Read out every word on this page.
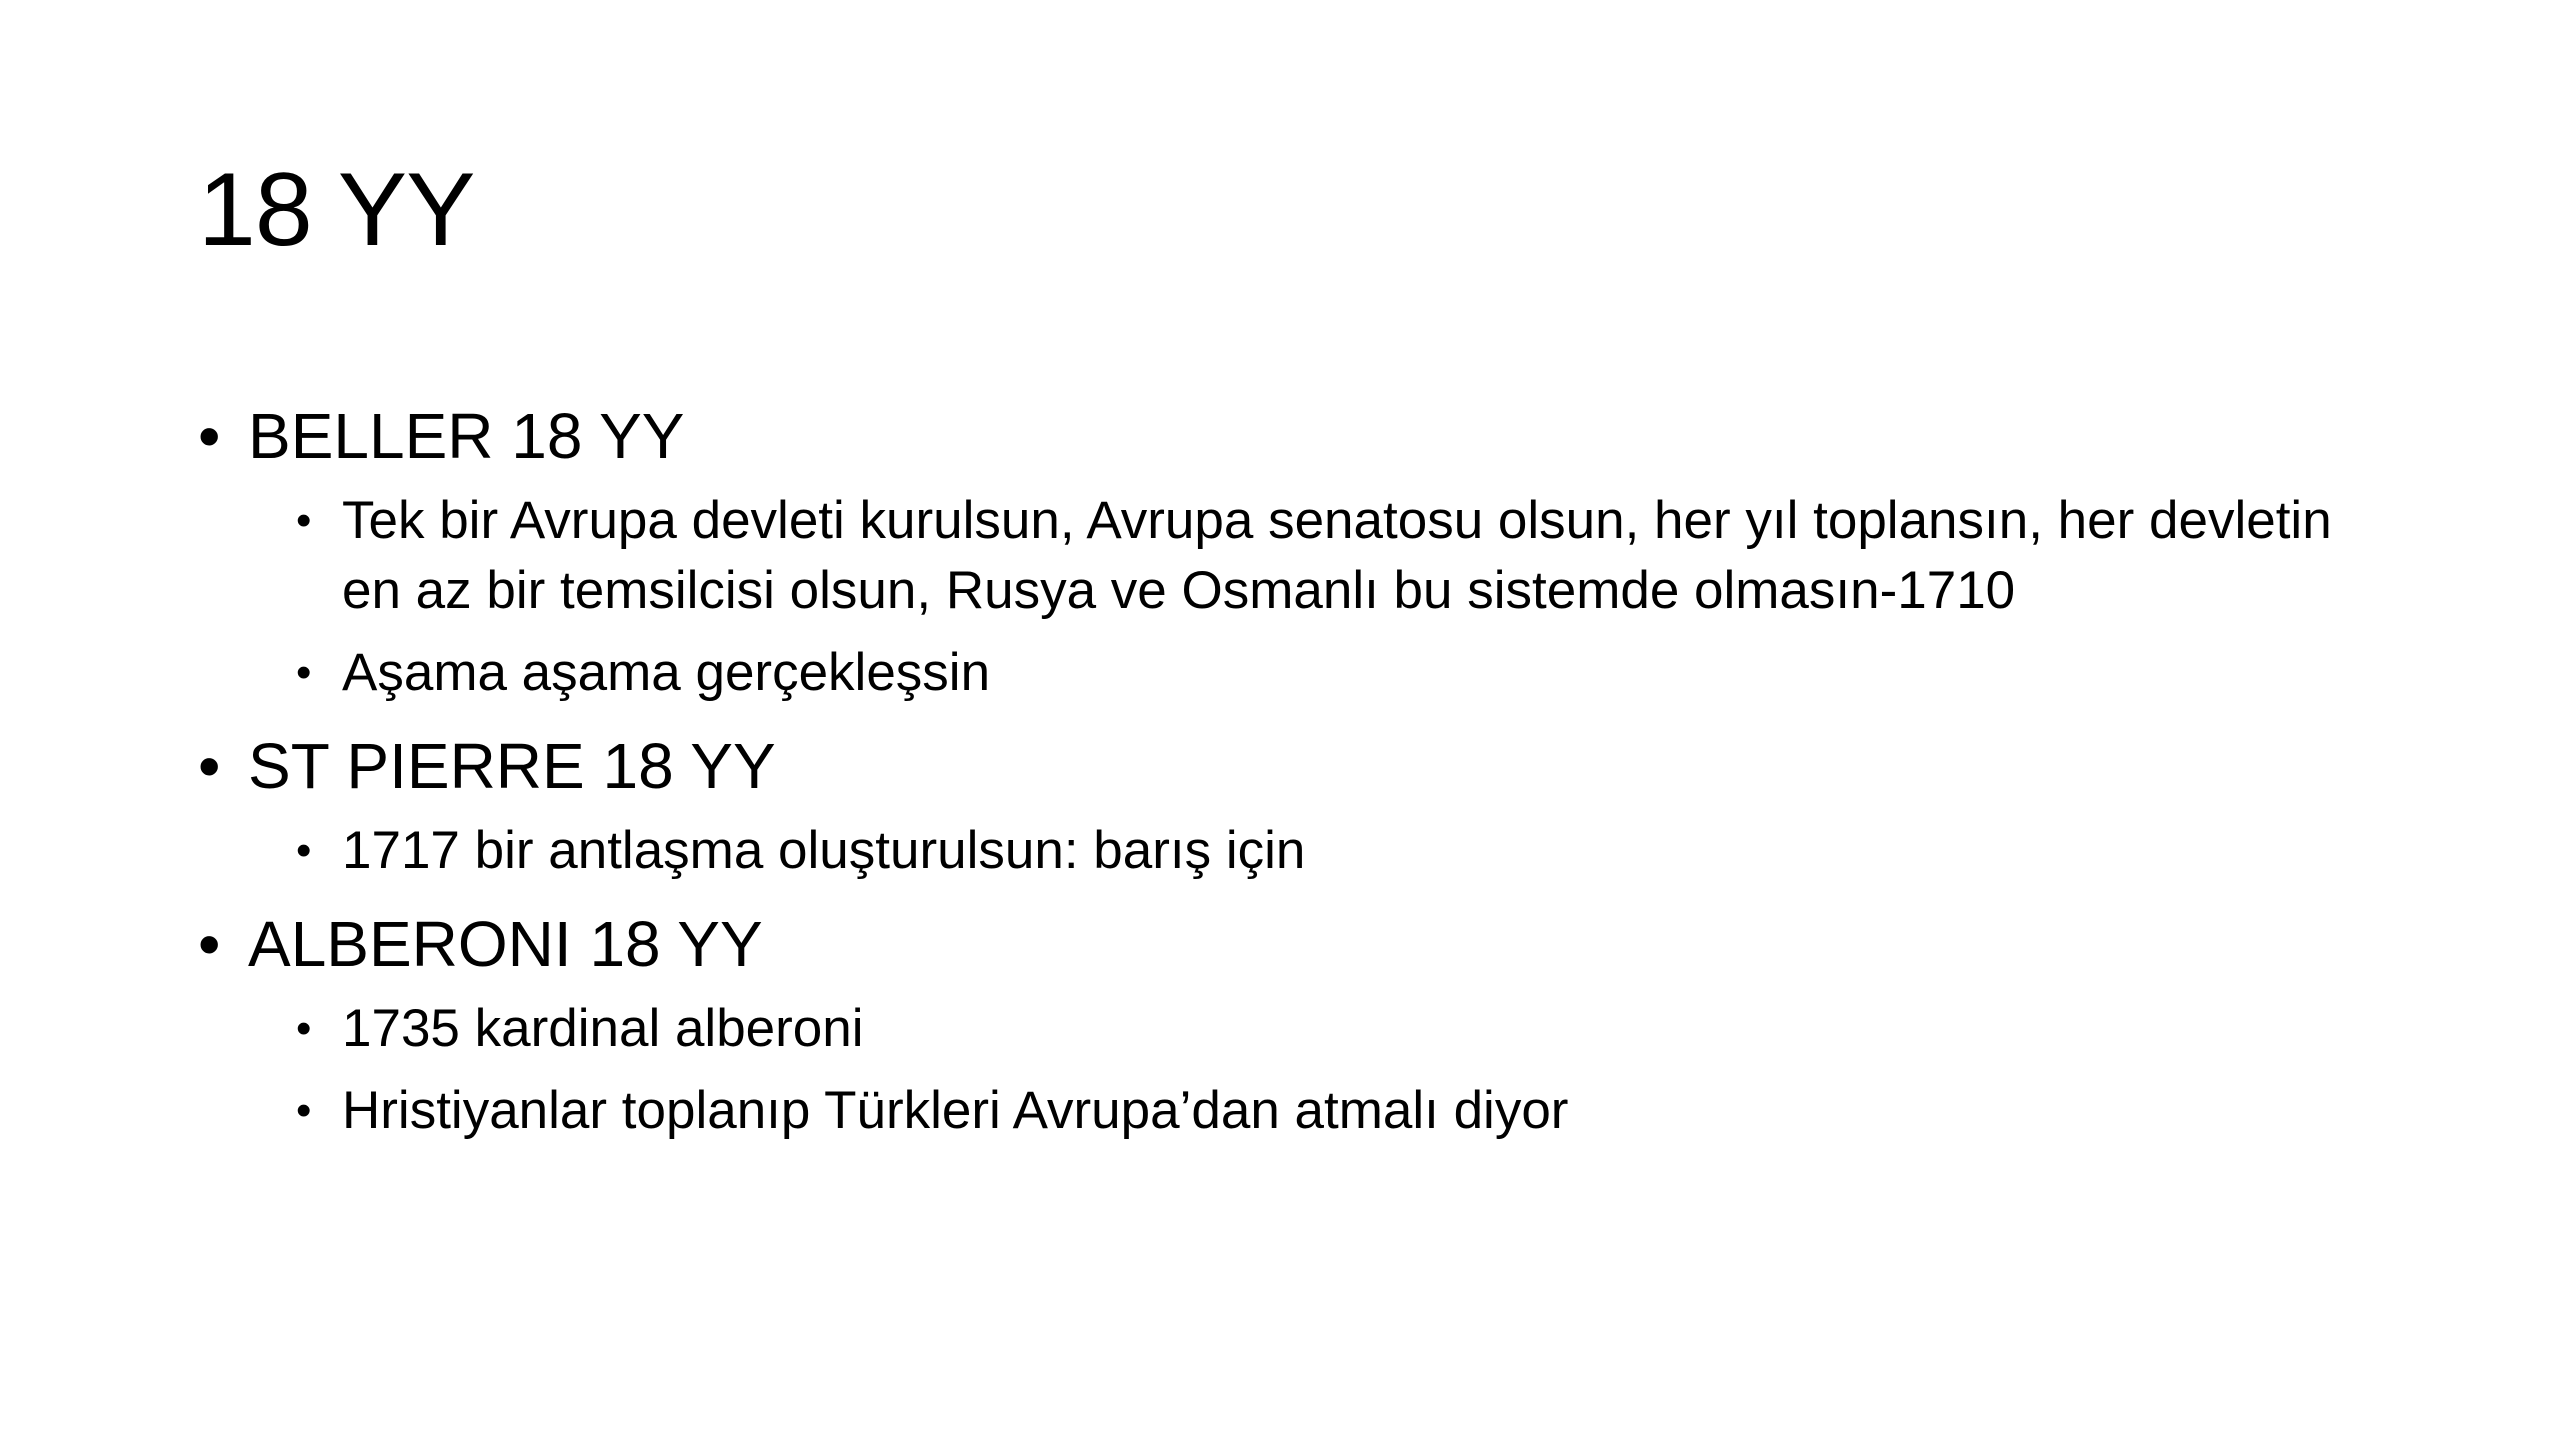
18 YY
• BELLER 18 YY
• Tek bir Avrupa devleti kurulsun, Avrupa senatosu olsun, her yıl toplansın, her devletin en az bir temsilcisi olsun, Rusya ve Osmanlı bu sistemde olmasın-1710
• Aşama aşama gerçekleşsin
• ST PIERRE 18 YY
• 1717 bir antlaşma oluşturulsun: barış için
• ALBERONI 18 YY
• 1735 kardinal alberoni
• Hristiyanlar toplanıp Türkleri Avrupa’dan atmalı diyor
